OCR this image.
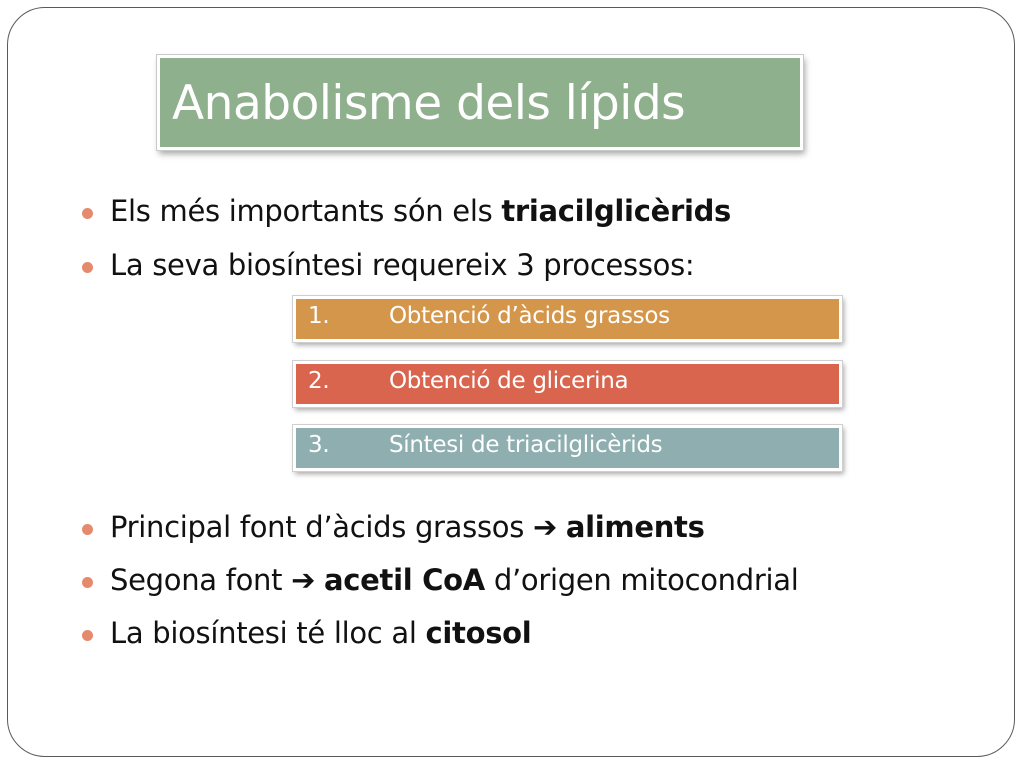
Anabolisme dels lípids
Els més importants són els triacilglicèrids
La seva biosíntesi requereix 3 processos:
1.	Obtenció d’àcids grassos
2.	Obtenció de glicerina
3.	Síntesi de triacilglicèrids
Principal font d’àcids grassos ➔ aliments
Segona font ➔ acetil CoA d’origen mitocondrial
La biosíntesi té lloc al citosol
